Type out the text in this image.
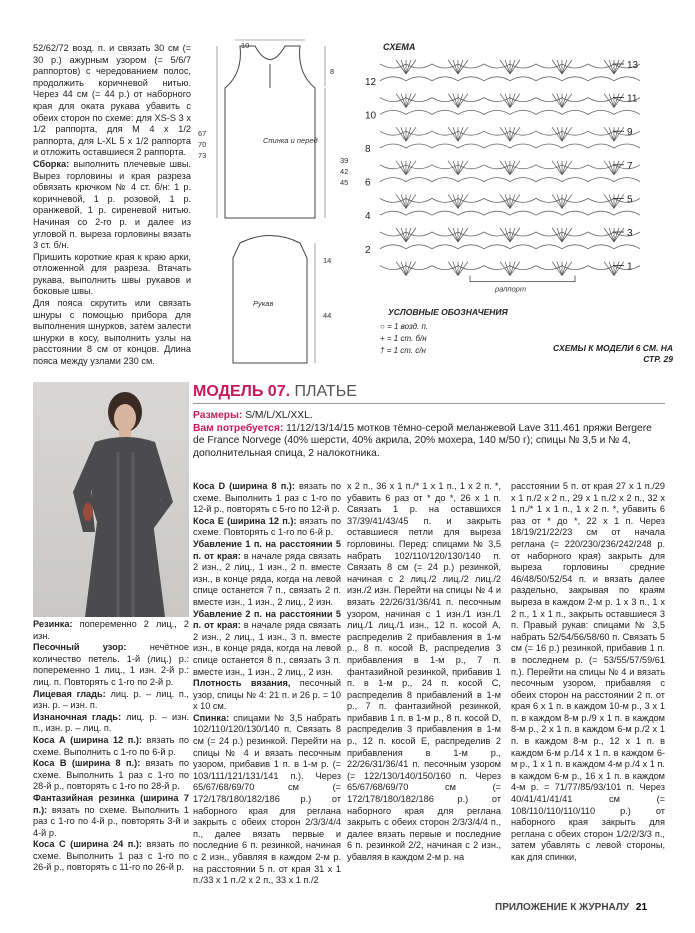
52/62/72 возд. п. и связать 30 см (= 30 р.) ажурным узором (= 5/6/7 раппортов) с чередованием полос, продолжить коричневой нитью. Через 44 см (= 44 р.) от наборного края для оката рукава убавить с обеих сторон по схеме: для XS-S 3 x 1/2 раппорта, для M 4 x 1/2 раппорта, для L-XL 5 x 1/2 раппорта и отложить оставшиеся 2 раппорта.

Сборка: выполнить плечевые швы. Вырез горловины и края разреза обвязать крючком № 4 ст. б/н: 1 р. коричневой, 1 р. розовой, 1 р. оранжевой, 1 р. сиреневой нитью. Начиная со 2-го р. и далее из угловой п. выреза горловины вязать 3 ст. б/н.

Пришить короткие края к краю арки, отложенной для разреза. Втачать рукава, выполнить швы рукавов и боковые швы.

Для пояса скрутить или связать шнуры с помощью прибора для выполнения шнурков, затем залести шнурки в косу, выполнить узлы на расстоянии 8 см от концов. Длина пояса между узлами 230 см.

10
8
67
70
73
39
42
45
Спинка и перед
14
44
Рукав
СХЕМА
13
11
9
7
5
3
1
12
10
8
6
4
2
раппорт
УСЛОВНЫЕ ОБОЗНАЧЕНИЯ
○ = 1 возд. п.
+ = 1 ст. б/н
† = 1 ст. с/н	СХЕМЫ К МОДЕЛИ 6 СМ. НА СТР. 29
МОДЕЛЬ 07. ПЛАТЬЕ
Размеры: S/M/L/XL/XXL.
Вам потребуется: 11/12/13/14/15 мотков тёмно-серой меланжевой Lave 311.461 пряжи Bergere de France Norvege (40% шерсти, 40% акрила, 20% мохера, 140 м/50 г); спицы № 3,5 и № 4, дополнительная спица, 2 налокотника.

Резинка: попеременно 2 лиц., 2 изн.

Песочный узор: нечётное количество петель. 1-й (лиц.) р.: попеременно 1 лиц., 1 изн. 2-й р.: лиц. п. Повторять с 1-го по 2-й р.

Лицевая гладь: лиц. р. – лиц. п., изн. р. – изн. п.

Изнаночная гладь: лиц. р. – изн. п., изн. р. – лиц. п.

Коса А (ширина 12 п.): вязать по схеме. Выполнить с 1-го по 6-й р.

Коса В (ширина 8 п.): вязать по схеме. Выполнить 1 раз с 1-го по 28-й р., повторять с 1-го по 28-й р.

Фантазийная резинка (ширина 7 п.): вязать по схеме. Выполнить 1 раз с 1-го по 4-й р., повторять 3-й и 4-й р.

Коса С (ширина 24 п.): вязать по схеме. Выполнить 1 раз с 1-го по 26-й р., повторять с 11-го по 26-й р.

Коса D (ширина 8 п.): вязать по схеме. Выполнить 1 раз с 1-го по 12-й р., повторять с 5-го по 12-й р.

Коса Е (ширина 12 п.): вязать по схеме. Повторять с 1-го по 6-й р.

Убавление 1 п. на расстоянии 5 п. от края: в начале ряда связать 2 изн., 2 лиц., 1 изн., 2 п. вместе изн., в конце ряда, когда на левой спице останется 7 п., связать 2 п. вместе изн., 1 изн., 2 лиц., 2 изн.

Убавление 2 п. на расстоянии 5 п. от края: в начале ряда связать 2 изн., 2 лиц., 1 изн., 3 п. вместе изн., в конце ряда, когда на левой спице останется 8 п., связать 3 п. вместе изн., 1 изн., 2 лиц., 2 изн.

Плотность вязания, песочный узор, спицы № 4: 21 п. и 26 р. = 10 x 10 см.

Спинка: спицами № 3,5 набрать 102/110/120/130/140 п. Связать 8 см (= 24 р.) резинкой. Перейти на спицы № 4 и вязать песочным узором, прибавив 1 п. в 1-м р. (= 103/111/121/131/141 п.). Через 65/67/68/69/70 см (= 172/178/180/182/186 р.) от наборного края для реглана закрыть с обеих сторон 2/3/3/4/4 п., далее вязать первые и последние 6 п. резинкой, начиная с 2 изн., убавляя в каждом 2-м р. на расстоянии 5 п. от края 31 x 1 п./33 x 1 п./2 x 2 п., 33 x 1 п./2

x 2 п., 36 x 1 п./* 1 x 1 п., 1 x 2 п. *, убавить 6 раз от * до *, 26 x 1 п. Связать 1 р. на оставшихся 37/39/41/43/45 п. и закрыть оставшиеся петли для выреза горловины. Перед: спицами № 3,5 набрать 102/110/120/130/140 п. Связать 8 см (= 24 р.) резинкой, начиная с 2 лиц./2 лиц./2 лиц./2 изн./2 изн. Перейти на спицы № 4 и вязать 22/26/31/36/41 п. песочным узором, начиная с 1 изн./1 изн./1 лиц./1 лиц./1 изн., 12 п. косой А, распределив 2 прибавления в 1-м р., 8 п. косой В, распределив 3 прибавления в 1-м р., 7 п. фантазийной резинкой, прибавив 1 п. в 1-м р., 24 п. косой С, распределив 8 прибавлений в 1-м р., 7 п. фантазийной резинкой, прибавив 1 п. в 1-м р., 8 п. косой D, распределив 3 прибавления в 1-м р., 12 п. косой Е, распределив 2 прибавления в 1-м р., 22/26/31/36/41 п. песочным узором (= 122/130/140/150/160 п. Через 65/67/68/69/70 см (= 172/178/180/182/186 р.) от наборного края для реглана закрыть с обеих сторон 2/3/3/4/4 п., далее вязать первые и последние 6 п. резинкой 2/2, начиная с 2 изн., убавляя в каждом 2-м р. на
расстоянии 5 п. от края 27 x 1 п./29 x 1 п./2 x 2 п., 29 x 1 п./2 x 2 п., 32 x 1 п./* 1 x 1 п., 1 x 2 п. *, убавить 6 раз от * до *, 22 x 1 п. Через 18/19/21/22/23 см от начала реглана (= 220/230/236/242/248 р. от наборного края) закрыть для выреза горловины средние 46/48/50/52/54 п. и вязать далее раздельно, закрывая по краям выреза в каждом 2-м р. 1 x 3 п., 1 x 2 п., 1 x 1 п., закрыть оставшиеся 3 п. Правый рукав: спицами № 3,5 набрать 52/54/56/58/60 п. Связать 5 см (= 16 р.) резинкой, прибавив 1 п. в последнем р. (= 53/55/57/59/61 п.). Перейти на спицы № 4 и вязать песочным узором, прибавляя с обеих сторон на расстоянии 2 п. от края 6 x 1 п. в каждом 10-м р., 3 x 1 п. в каждом 8-м р./9 x 1 п. в каждом 8-м р., 2 x 1 п. в каждом 6-м р./2 x 1 п. в каждом 8-м р., 12 x 1 п. в каждом 6-м р./14 x 1 п. в каждом 6-м р., 1 x 1 п. в каждом 4-м р./4 x 1 п. в каждом 6-м р., 16 x 1 п. в каждом 4-м р. = 71/77/85/93/101 п. Через 40/41/41/41/41 см (= 108/110/110/110/110 р.) от наборного края закрыть для реглана с обеих сторон 1/2/2/3/3 п., затем убавлять с левой стороны, как для спинки,
ПРИЛОЖЕНИЕ К ЖУРНАЛУ 21
